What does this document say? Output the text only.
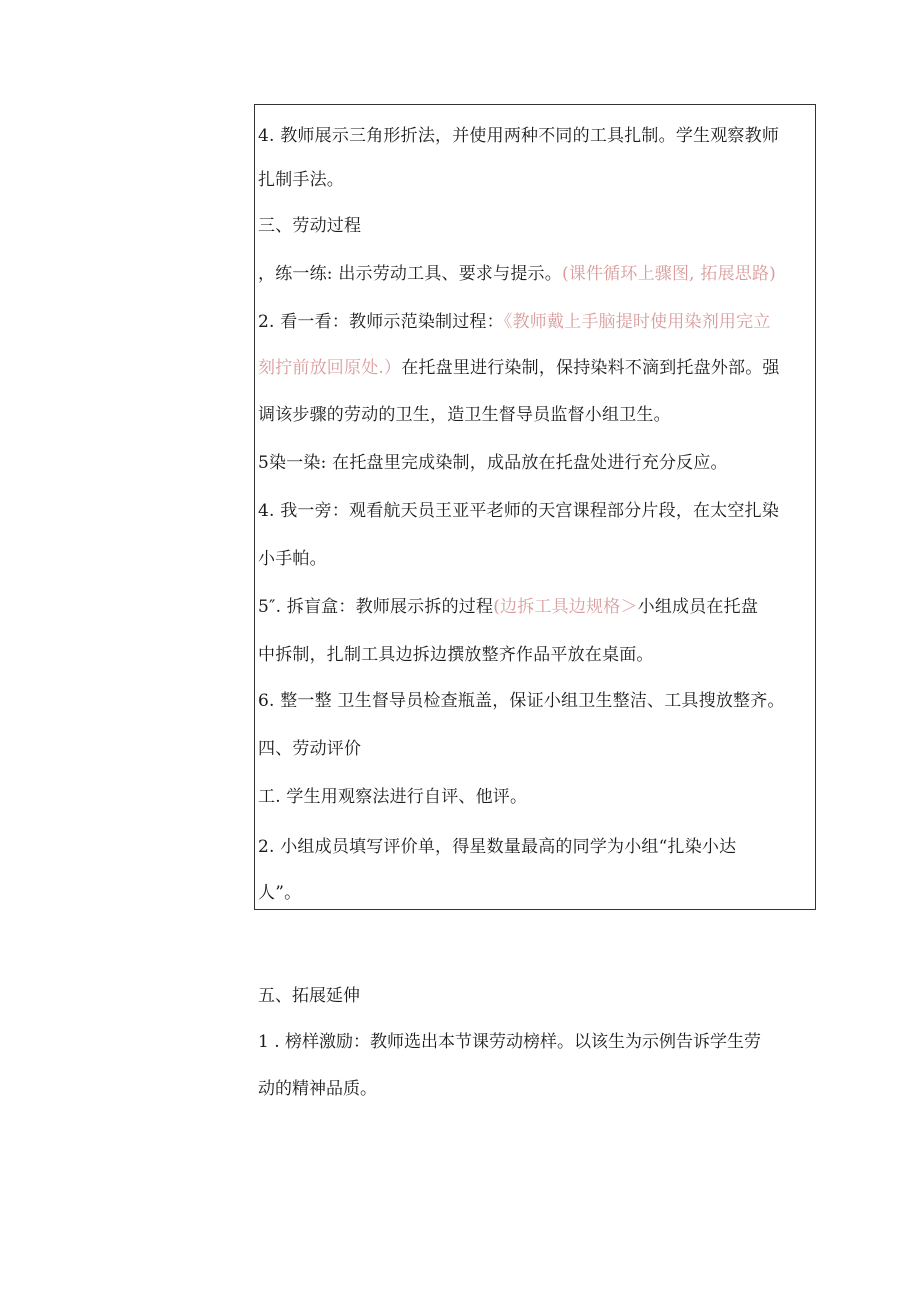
4. 教师展示三角形折法，并使用两种不同的工具扎制。学生观察教师
扎制手法。
三、劳动过程
，练一练: 出示劳动工具、要求与提示。(课件循环上骤图, 拓展思路)
2. 看一看：教师示范染制过程：《教师戴上手脑提时使用染剂用完立
刻拧前放回原处.）在托盘里进行染制，保持染料不滴到托盘外部。强
调该步骤的劳动的卫生，造卫生督导员监督小组卫生。
5染一染: 在托盘里完成染制，成品放在托盘处进行充分反应。
4. 我一旁：观看航天员王亚平老师的天宫课程部分片段，在太空扎染
小手帕。
5″. 拆盲盒：教师展示拆的过程(边拆工具边规格＞小组成员在托盘
中拆制，扎制工具边拆边撰放整齐作品平放在桌面。
6. 整一整 卫生督导员检查瓶盖，保证小组卫生整洁、工具搜放整齐。
四、劳动评价
工. 学生用观察法进行自评、他评。
2. 小组成员填写评价单，得星数量最高的同学为小组“扎染小达
人”。
五、拓展延伸
1 . 榜样激励：教师选出本节课劳动榜样。以该生为示例告诉学生劳
动的精神品质。
